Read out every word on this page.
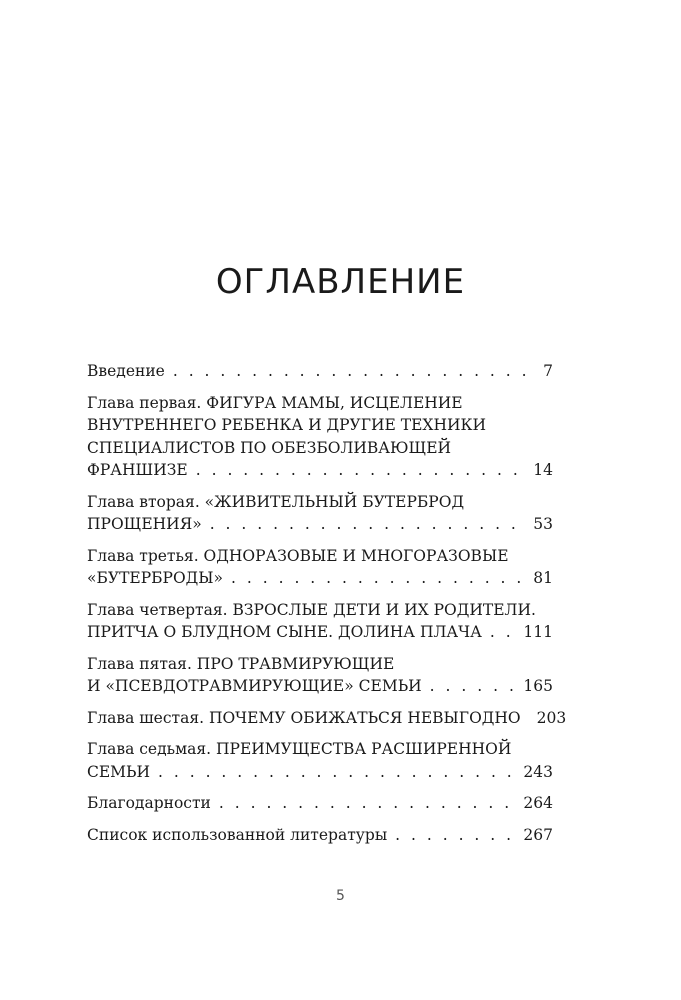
ОГЛАВЛЕНИЕ
Введение . . .	7
Глава первая. ФИГУРА МАМЫ, ИСЦЕЛЕНИЕ
ВНУТРЕННЕГО РЕБЕНКА И ДРУГИЕ ТЕХНИКИ
СПЕЦИАЛИСТОВ ПО ОБЕЗБОЛИВАЮЩЕЙ
ФРАНШИЗЕ . . .	14
Глава вторая. «ЖИВИТЕЛЬНЫЙ БУТЕРБРОД
ПРОЩЕНИЯ» . . .	53
Глава третья. ОДНОРАЗОВЫЕ И МНОГОРАЗОВЫЕ
«БУТЕРБРОДЫ» . . .	81
Глава четвертая. ВЗРОСЛЫЕ ДЕТИ И ИХ РОДИТЕЛИ.
ПРИТЧА О БЛУДНОМ СЫНЕ. ДОЛИНА ПЛАЧА . . .	111
Глава пятая. ПРО ТРАВМИРУЮЩИЕ
И «ПСЕВДОТРАВМИРУЮЩИЕ» СЕМЬИ . . .	165
Глава шестая. ПОЧЕМУ ОБИЖАТЬСЯ НЕВЫГОДНО 203
Глава седьмая. ПРЕИМУЩЕСТВА РАСШИРЕННОЙ
СЕМЬИ . . .	243
Благодарности . . .	264
Список использованной литературы . . .	267
5
